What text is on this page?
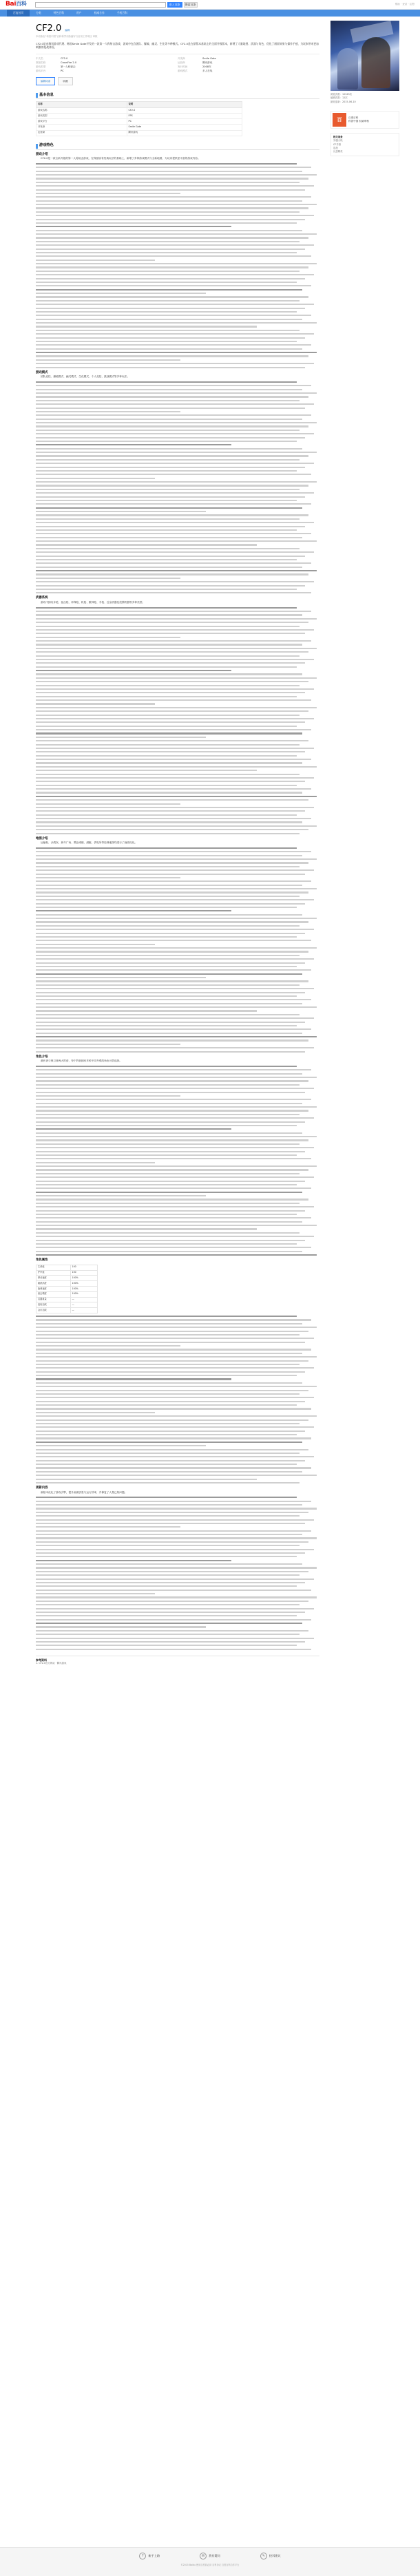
Bai百科	进入词条	搜索词条	帮助 · 登录 · 注册
百度首页	分类	特色百科	用户	权威合作	手机百科
CF2.0 编辑
本词条由“科普中国”百科科学词条编写与应用工作项目 审核
CF2.0是由腾讯游戏代理、韩国Smile Gate开发的一款第一人称射击游戏，游戏中包含团队、爆破、幽灵、生化等多种模式。CF2.0是在原版本基础上的全面升级版本，新增了大量地图、武器与角色，优化了画面效果与操作手感，为玩家带来更加刺激的枪战体验。
中文名	CF2.0
原版名称	CrossFire 2.0
游戏类型	第一人称射击
游戏平台	PC
开发商	Smile Gate
运营商	腾讯游戏
发行时间	2008年
游戏模式	多人在线
编辑词条	收藏
基本信息
名称	说明
游戏名称	CF2.0
游戏类型	FPS
游戏平台	PC
开发商	Smile Gate
运营商	腾讯游戏
游戏特色
游戏介绍
CF2.0是一款全新升级的第一人称射击游戏，在保留原有经典玩法的基础上，新增了多种游戏模式与全新地图，为玩家提供更丰富的游戏内容。
游戏模式
团队竞技、爆破模式、幽灵模式、生化模式、个人竞技、挑战模式等多种玩法。
武器系统
游戏中拥有步枪、狙击枪、冲锋枪、机枪、霰弹枪、手枪、近身武器及投掷武器等多种类型。
地图介绍
运输船、沙漠灰、新年广场、黑色城镇、潜艇、供电所等经典地图均进行了画面优化。
角色介绍
潜伏者与保卫者两大阵营，每个阵营拥有多种不同外观的角色可供选择。
角色属性
生命值	100
护甲值	100
移动速度	100%
跳跃高度	100%
换弹速度	100%
射击精度	100%
武器重量	—
经验加成	—
金币加成	—
更新内容
新版本优化了游戏引擎，提升画面质量与运行效率，并修复了大量已知问题。
参考资料
1. CF2.0官方网站 · 腾讯游戏
浏览次数：12345次
编辑次数：12次
最近更新：2015-06-10
百	百度百科
科普中国 权威审核
相关词条
穿越火线
CF手游
逆战
反恐精英
?	新手上路	✉	我有疑问	✎	投诉建议
©2015 Baidu 使用百度前必读 百科协议 百度百科合作平台
